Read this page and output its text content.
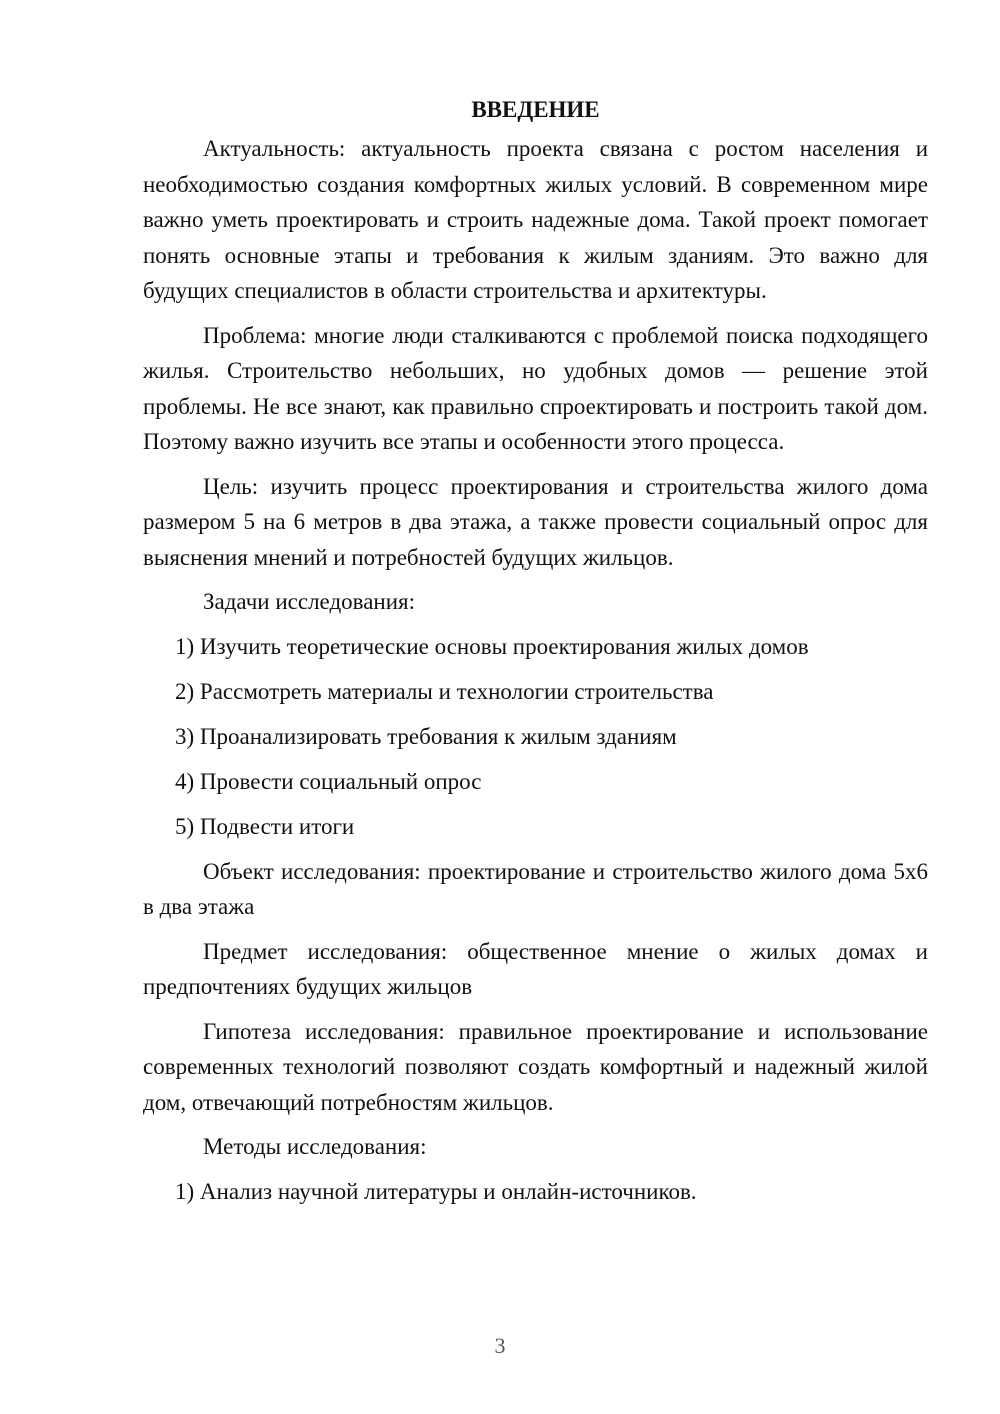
ВВЕДЕНИЕ

Актуальность: актуальность проекта связана с ростом населения и необходимостью создания комфортных жилых условий. В современном мире важно уметь проектировать и строить надежные дома. Такой проект помогает понять основные этапы и требования к жилым зданиям. Это важно для будущих специалистов в области строительства и архитектуры.

Проблема: многие люди сталкиваются с проблемой поиска подходящего жилья. Строительство небольших, но удобных домов — решение этой проблемы. Не все знают, как правильно спроектировать и построить такой дом. Поэтому важно изучить все этапы и особенности этого процесса.

Цель: изучить процесс проектирования и строительства жилого дома размером 5 на 6 метров в два этажа, а также провести социальный опрос для выяснения мнений и потребностей будущих жильцов.

Задачи исследования:

1) Изучить теоретические основы проектирования жилых домов

2) Рассмотреть материалы и технологии строительства

3) Проанализировать требования к жилым зданиям

4) Провести социальный опрос

5) Подвести итоги

Объект исследования: проектирование и строительство жилого дома 5х6 в два этажа

Предмет исследования: общественное мнение о жилых домах и предпочтениях будущих жильцов

Гипотеза исследования: правильное проектирование и использование современных технологий позволяют создать комфортный и надежный жилой дом, отвечающий потребностям жильцов.

Методы исследования:

1) Анализ научной литературы и онлайн-источников.

3
